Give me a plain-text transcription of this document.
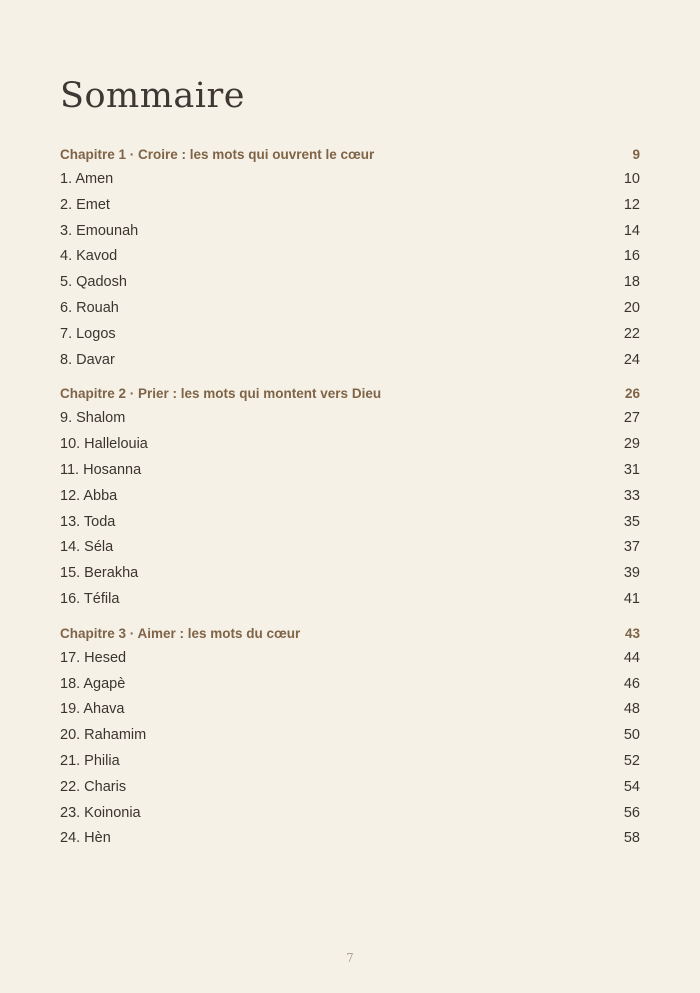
Sommaire
Chapitre 1 · Croire : les mots qui ouvrent le cœur	9
1. Amen	10
2. Emet	12
3. Emounah	14
4. Kavod	16
5. Qadosh	18
6. Rouah	20
7. Logos	22
8. Davar	24
Chapitre 2 · Prier : les mots qui montent vers Dieu	26
9. Shalom	27
10. Hallelouia	29
11. Hosanna	31
12. Abba	33
13. Toda	35
14. Séla	37
15. Berakha	39
16. Téfila	41
Chapitre 3 · Aimer : les mots du cœur	43
17. Hesed	44
18. Agapè	46
19. Ahava	48
20. Rahamim	50
21. Philia	52
22. Charis	54
23. Koinonia	56
24. Hèn	58
7
